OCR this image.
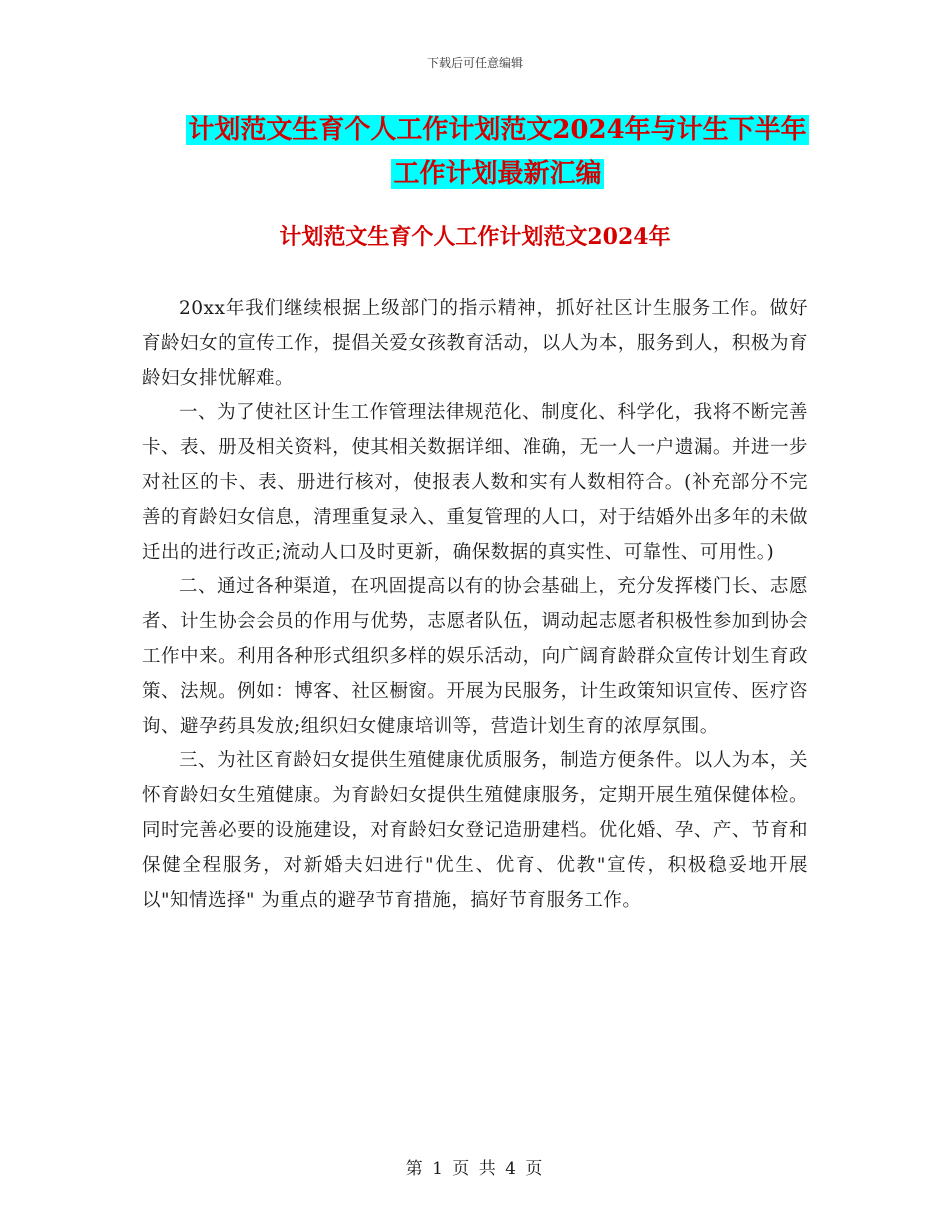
下载后可任意编辑
计划范文生育个人工作计划范文2024年与计生下半年
工作计划最新汇编
计划范文生育个人工作计划范文2024年

20xx年我们继续根据上级部门的指示精神，抓好社区计生服务工作。做好育龄妇女的宣传工作，提倡关爱女孩教育活动，以人为本，服务到人，积极为育龄妇女排忧解难。

一、为了使社区计生工作管理法律规范化、制度化、科学化，我将不断完善卡、表、册及相关资料，使其相关数据详细、准确，无一人一户遗漏。并进一步对社区的卡、表、册进行核对，使报表人数和实有人数相符合。(补充部分不完善的育龄妇女信息，清理重复录入、重复管理的人口，对于结婚外出多年的未做迁出的进行改正;流动人口及时更新，确保数据的真实性、可靠性、可用性。)

二、通过各种渠道，在巩固提高以有的协会基础上，充分发挥楼门长、志愿者、计生协会会员的作用与优势，志愿者队伍，调动起志愿者积极性参加到协会工作中来。利用各种形式组织多样的娱乐活动，向广阔育龄群众宣传计划生育政策、法规。例如：博客、社区橱窗。开展为民服务，计生政策知识宣传、医疗咨询、避孕药具发放;组织妇女健康培训等，营造计划生育的浓厚氛围。

三、为社区育龄妇女提供生殖健康优质服务，制造方便条件。以人为本，关怀育龄妇女生殖健康。为育龄妇女提供生殖健康服务，定期开展生殖保健体检。同时完善必要的设施建设，对育龄妇女登记造册建档。优化婚、孕、产、节育和保健全程服务，对新婚夫妇进行"优生、优育、优教"宣传，积极稳妥地开展以"知情选择" 为重点的避孕节育措施，搞好节育服务工作。

第 1 页 共 4 页
